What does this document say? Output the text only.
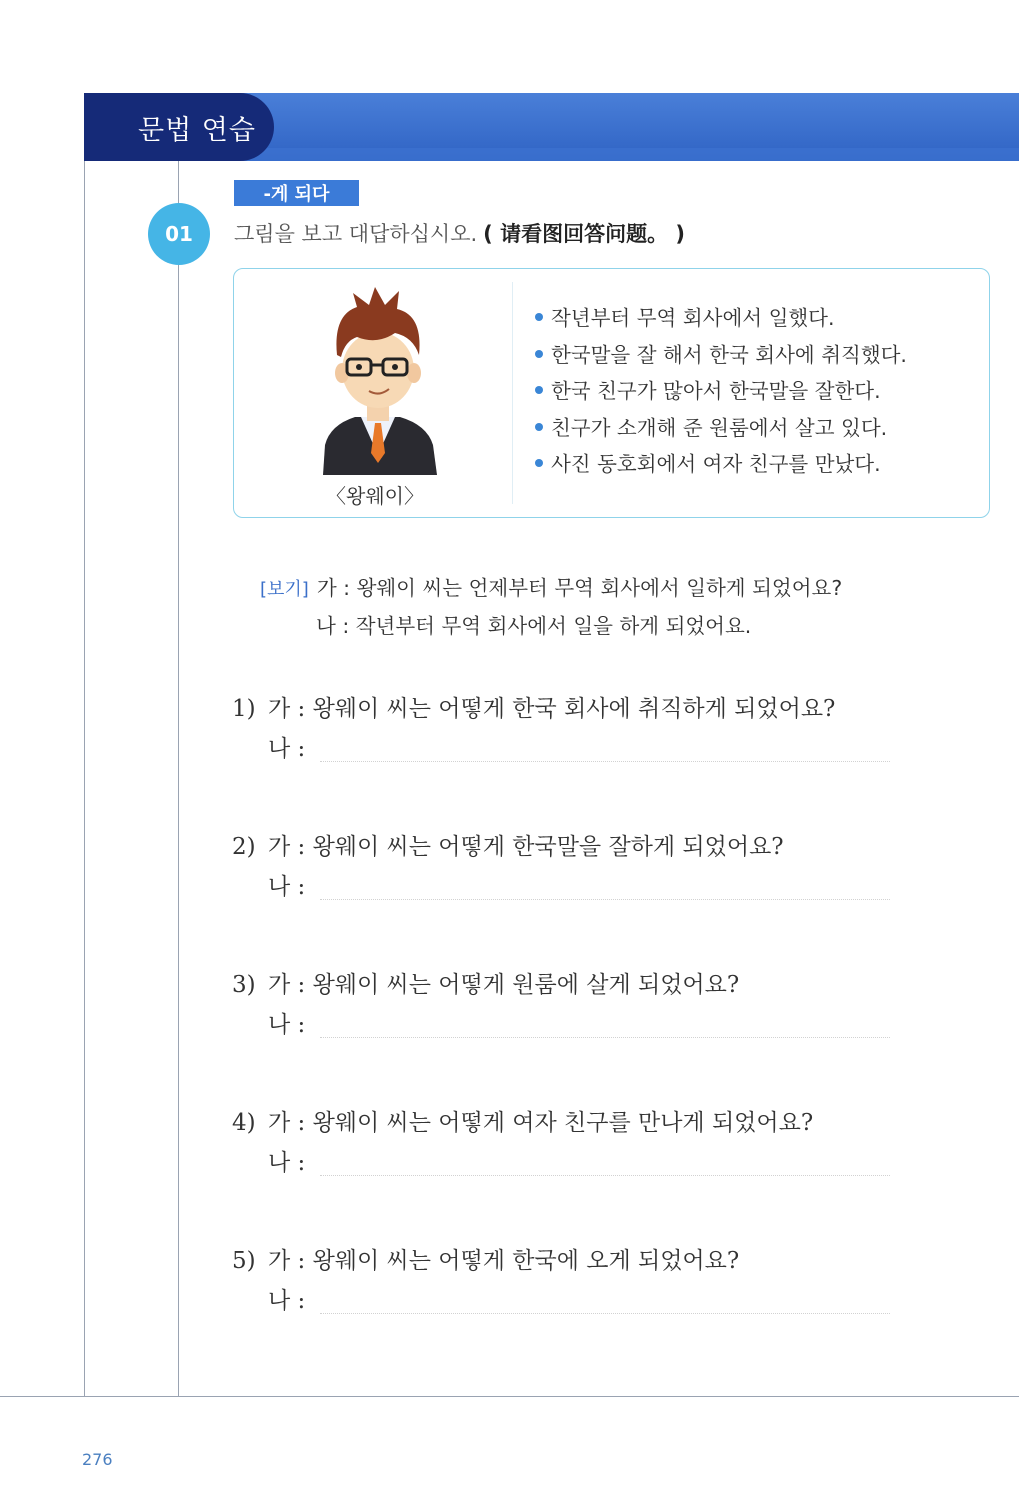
문법 연습
-게 되다
01	그림을 보고 대답하십시오. ( 请看图回答问题。 )
〈왕웨이〉
작년부터 무역 회사에서 일했다.
한국말을 잘 해서 한국 회사에 취직했다.
한국 친구가 많아서 한국말을 잘한다.
친구가 소개해 준 원룸에서 살고 있다.
사진 동호회에서 여자 친구를 만났다.
[보기] 가 : 왕웨이 씨는 언제부터 무역 회사에서 일하게 되었어요?
나 : 작년부터 무역 회사에서 일을 하게 되었어요.
1) 가 : 왕웨이 씨는 어떻게 한국 회사에 취직하게 되었어요?
나 :
2) 가 : 왕웨이 씨는 어떻게 한국말을 잘하게 되었어요?
나 :
3) 가 : 왕웨이 씨는 어떻게 원룸에 살게 되었어요?
나 :
4) 가 : 왕웨이 씨는 어떻게 여자 친구를 만나게 되었어요?
나 :
5) 가 : 왕웨이 씨는 어떻게 한국에 오게 되었어요?
나 :
276
